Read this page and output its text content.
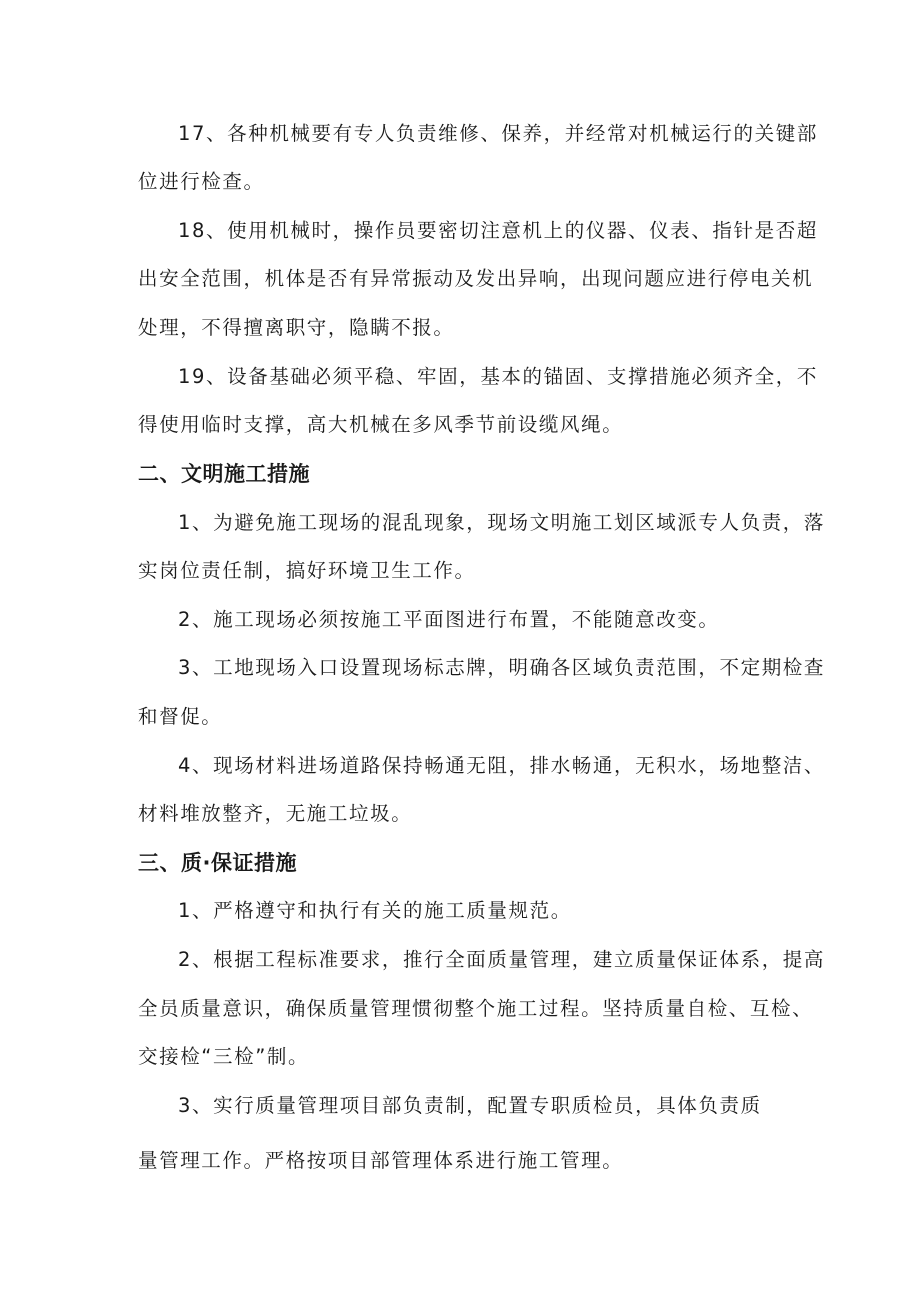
17、各种机械要有专人负责维修、保养，并经常对机械运行的关键部
位进行检查。
18、使用机械时，操作员要密切注意机上的仪器、仪表、指针是否超
出安全范围，机体是否有异常振动及发出异响，出现问题应进行停电关机
处理，不得擅离职守，隐瞒不报。
19、设备基础必须平稳、牢固，基本的锚固、支撑措施必须齐全，不
得使用临时支撑，高大机械在多风季节前设缆风绳。
二、文明施工措施
1、为避免施工现场的混乱现象，现场文明施工划区域派专人负责，落
实岗位责任制，搞好环境卫生工作。
2、施工现场必须按施工平面图进行布置，不能随意改变。
3、工地现场入口设置现场标志牌，明确各区域负责范围，不定期检查
和督促。
4、现场材料进场道路保持畅通无阻，排水畅通，无积水，场地整洁、
材料堆放整齐，无施工垃圾。
三、质·保证措施
1、严格遵守和执行有关的施工质量规范。
2、根据工程标准要求，推行全面质量管理，建立质量保证体系，提高
全员质量意识，确保质量管理惯彻整个施工过程。坚持质量自检、互检、
交接检“三检”制。
3、实行质量管理项目部负责制，配置专职质检员，具体负责质
量管理工作。严格按项目部管理体系进行施工管理。
